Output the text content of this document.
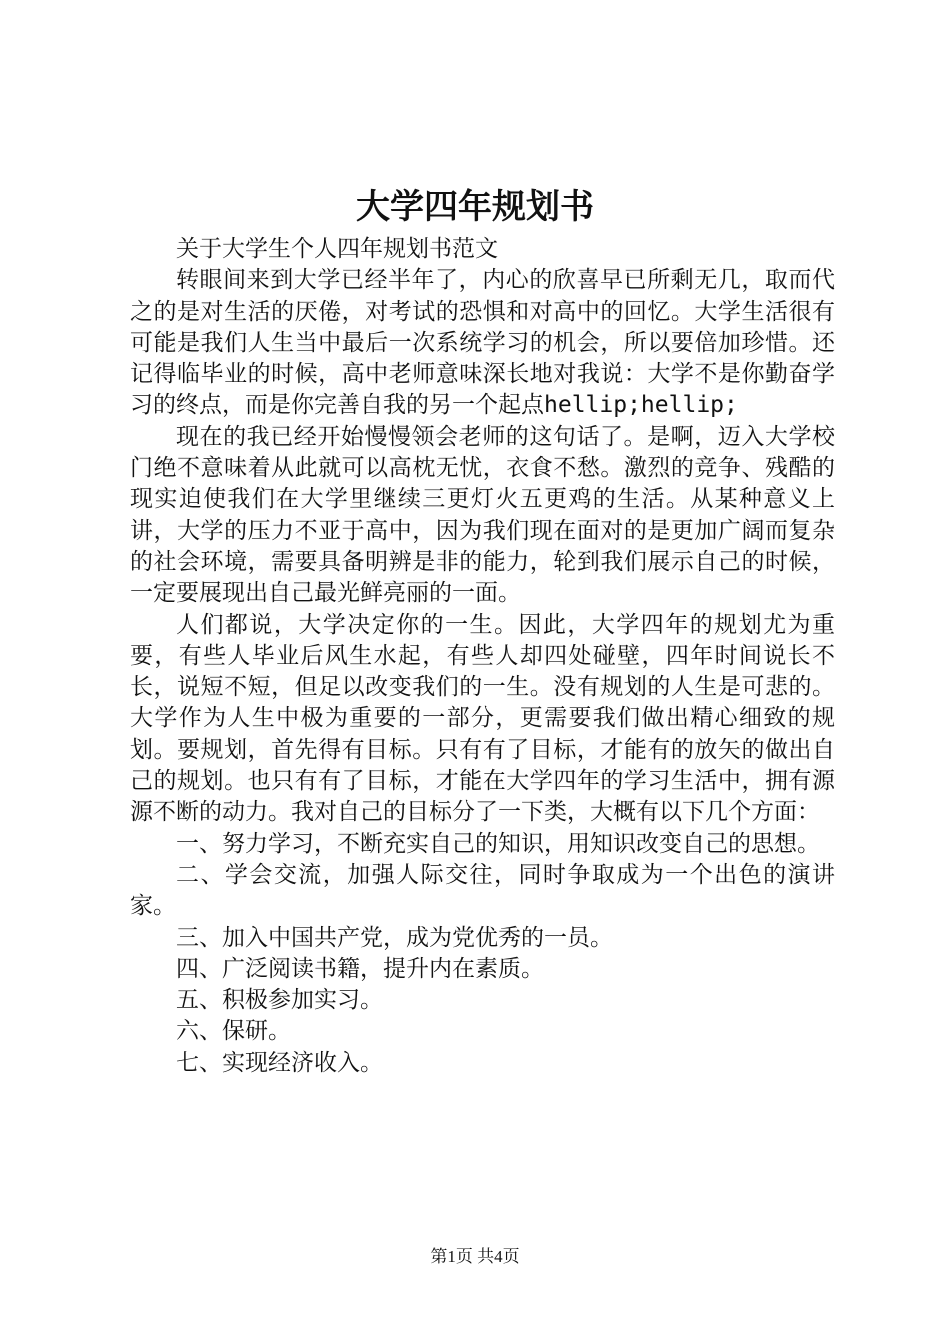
大学四年规划书

关于大学生个人四年规划书范文

转眼间来到大学已经半年了，内心的欣喜早已所剩无几，取而代之的是对生活的厌倦，对考试的恐惧和对高中的回忆。大学生活很有可能是我们人生当中最后一次系统学习的机会，所以要倍加珍惜。还记得临毕业的时候，高中老师意味深长地对我说：大学不是你勤奋学习的终点，而是你完善自我的另一个起点hellip;hellip;

现在的我已经开始慢慢领会老师的这句话了。是啊，迈入大学校门绝不意味着从此就可以高枕无忧，衣食不愁。激烈的竞争、残酷的现实迫使我们在大学里继续三更灯火五更鸡的生活。从某种意义上讲，大学的压力不亚于高中，因为我们现在面对的是更加广阔而复杂的社会环境，需要具备明辨是非的能力，轮到我们展示自己的时候，一定要展现出自己最光鲜亮丽的一面。

人们都说，大学决定你的一生。因此，大学四年的规划尤为重要，有些人毕业后风生水起，有些人却四处碰壁，四年时间说长不长，说短不短，但足以改变我们的一生。没有规划的人生是可悲的。大学作为人生中极为重要的一部分，更需要我们做出精心细致的规划。要规划，首先得有目标。只有有了目标，才能有的放矢的做出自己的规划。也只有有了目标，才能在大学四年的学习生活中，拥有源源不断的动力。我对自己的目标分了一下类，大概有以下几个方面：

一、努力学习，不断充实自己的知识，用知识改变自己的思想。

二、学会交流，加强人际交往，同时争取成为一个出色的演讲家。

三、加入中国共产党，成为党优秀的一员。

四、广泛阅读书籍，提升内在素质。

五、积极参加实习。

六、保研。

七、实现经济收入。

第1页 共4页
